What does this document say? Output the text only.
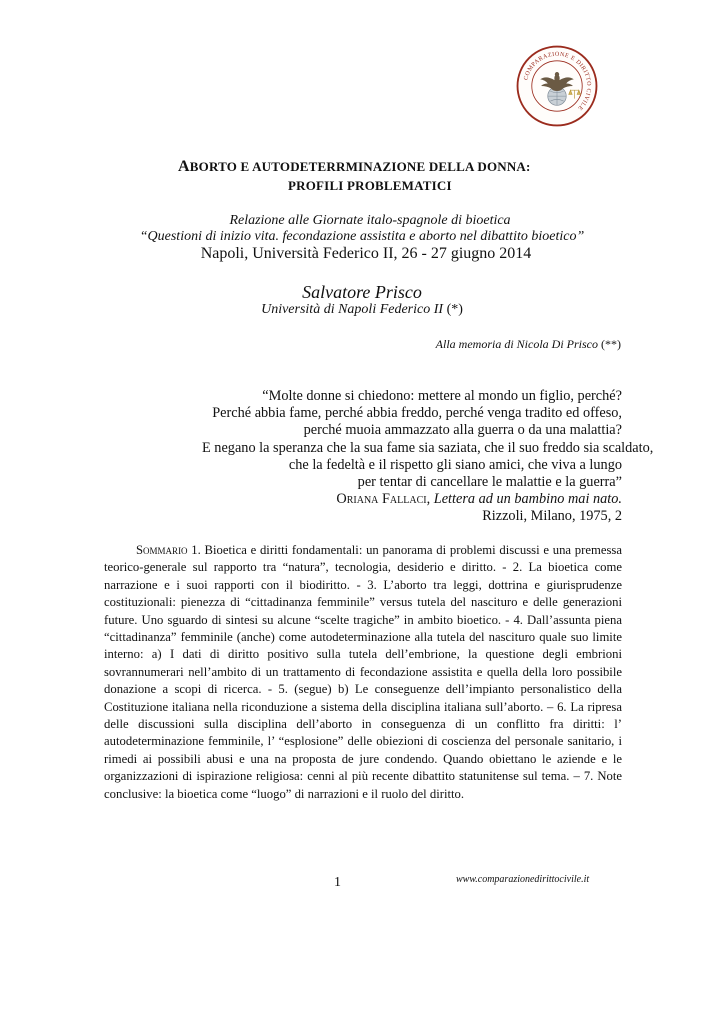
COMPARAZIONE E DIRITTO CIVILE
ABORTO E AUTODETERRMINAZIONE DELLA DONNA:
PROFILI PROBLEMATICI
Relazione alle Giornate italo-spagnole di bioetica
“Questioni di inizio vita. fecondazione assistita e aborto nel dibattito bioetico”
Napoli, Università Federico II, 26 - 27 giugno 2014
Salvatore Prisco
Università di Napoli Federico II (*)
Alla memoria di Nicola Di Prisco (**)
“Molte donne si chiedono: mettere al mondo un figlio, perché?
Perché abbia fame, perché abbia freddo, perché venga tradito ed offeso,
perché muoia ammazzato alla guerra o da una malattia?
E negano la speranza che la sua fame sia saziata, che il suo freddo sia scaldato,
che la fedeltà e il rispetto gli siano amici, che viva a lungo
per tentar di cancellare le malattie e la guerra”
Oriana Fallaci, Lettera ad un bambino mai nato.
Rizzoli, Milano, 1975, 2
Sommario 1. Bioetica e diritti fondamentali: un panorama di problemi discussi e una premessa teorico-generale sul rapporto tra “natura”, tecnologia, desiderio e diritto. - 2. La bioetica come narrazione e i suoi rapporti con il biodiritto. - 3. L’aborto tra leggi, dottrina e giurisprudenze costituzionali: pienezza di “cittadinanza femminile” versus tutela del nascituro e delle generazioni future. Uno sguardo di sintesi su alcune “scelte tragiche” in ambito bioetico. - 4. Dall’assunta piena “cittadinanza” femminile (anche) come autodeterminazione alla tutela del nascituro quale suo limite interno: a) I dati di diritto positivo sulla tutela dell’embrione, la questione degli embrioni sovrannumerari nell’ambito di un trattamento di fecondazione assistita e quella della loro possibile donazione a scopi di ricerca. - 5. (segue) b) Le conseguenze dell’impianto personalistico della Costituzione italiana nella riconduzione a sistema della disciplina italiana sull’aborto. – 6. La ripresa delle discussioni sulla disciplina dell’aborto in conseguenza di un conflitto fra diritti: l’ autodeterminazione femminile, l’ “esplosione” delle obiezioni di coscienza del personale sanitario, i rimedi ai possibili abusi e una na proposta de jure condendo. Quando obiettano le aziende e le organizzazioni di ispirazione religiosa: cenni al più recente dibattito statunitense sul tema. – 7. Note conclusive: la bioetica come “luogo” di narrazioni e il ruolo del diritto.
1	www.comparazionedirittocivile.it
